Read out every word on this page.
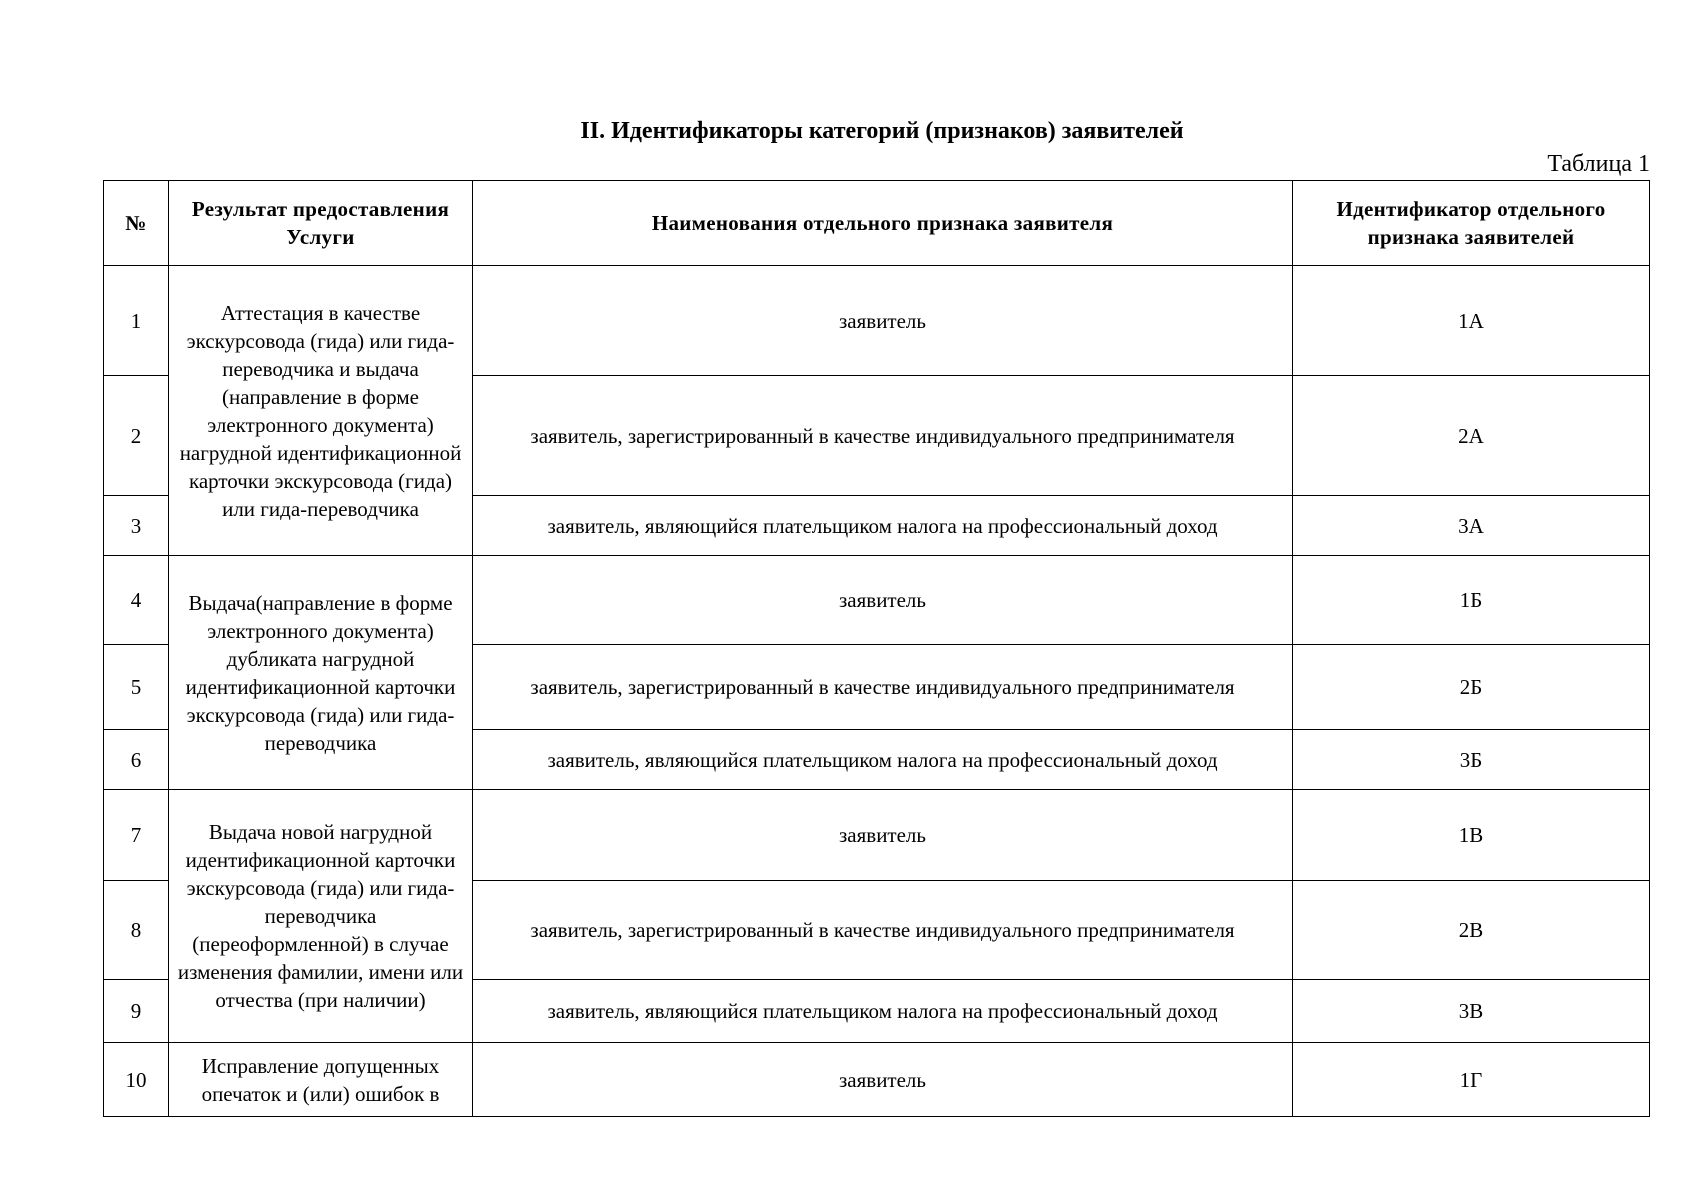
II. Идентификаторы категорий (признаков) заявителей
Таблица 1
№	Результат предоставления Услуги	Наименования отдельного признака заявителя	Идентификатор отдельного признака заявителей
1	Аттестация в качестве экскурсовода (гида) или гида-переводчика и выдача (направление в форме электронного документа) нагрудной идентификационной карточки экскурсовода (гида) или гида-переводчика	заявитель	1А
2		заявитель, зарегистрированный в качестве индивидуального предпринимателя	2А
3		заявитель, являющийся плательщиком налога на профессиональный доход	3А
4	Выдача(направление в форме электронного документа) дубликата нагрудной идентификационной карточки экскурсовода (гида) или гида-переводчика	заявитель	1Б
5		заявитель, зарегистрированный в качестве индивидуального предпринимателя	2Б
6		заявитель, являющийся плательщиком налога на профессиональный доход	3Б
7	Выдача новой нагрудной идентификационной карточки экскурсовода (гида) или гида-переводчика (переоформленной) в случае изменения фамилии, имени или отчества (при наличии)	заявитель	1В
8		заявитель, зарегистрированный в качестве индивидуального предпринимателя	2В
9		заявитель, являющийся плательщиком налога на профессиональный доход	3В
10	Исправление допущенных опечаток и (или) ошибок в	заявитель	1Г
